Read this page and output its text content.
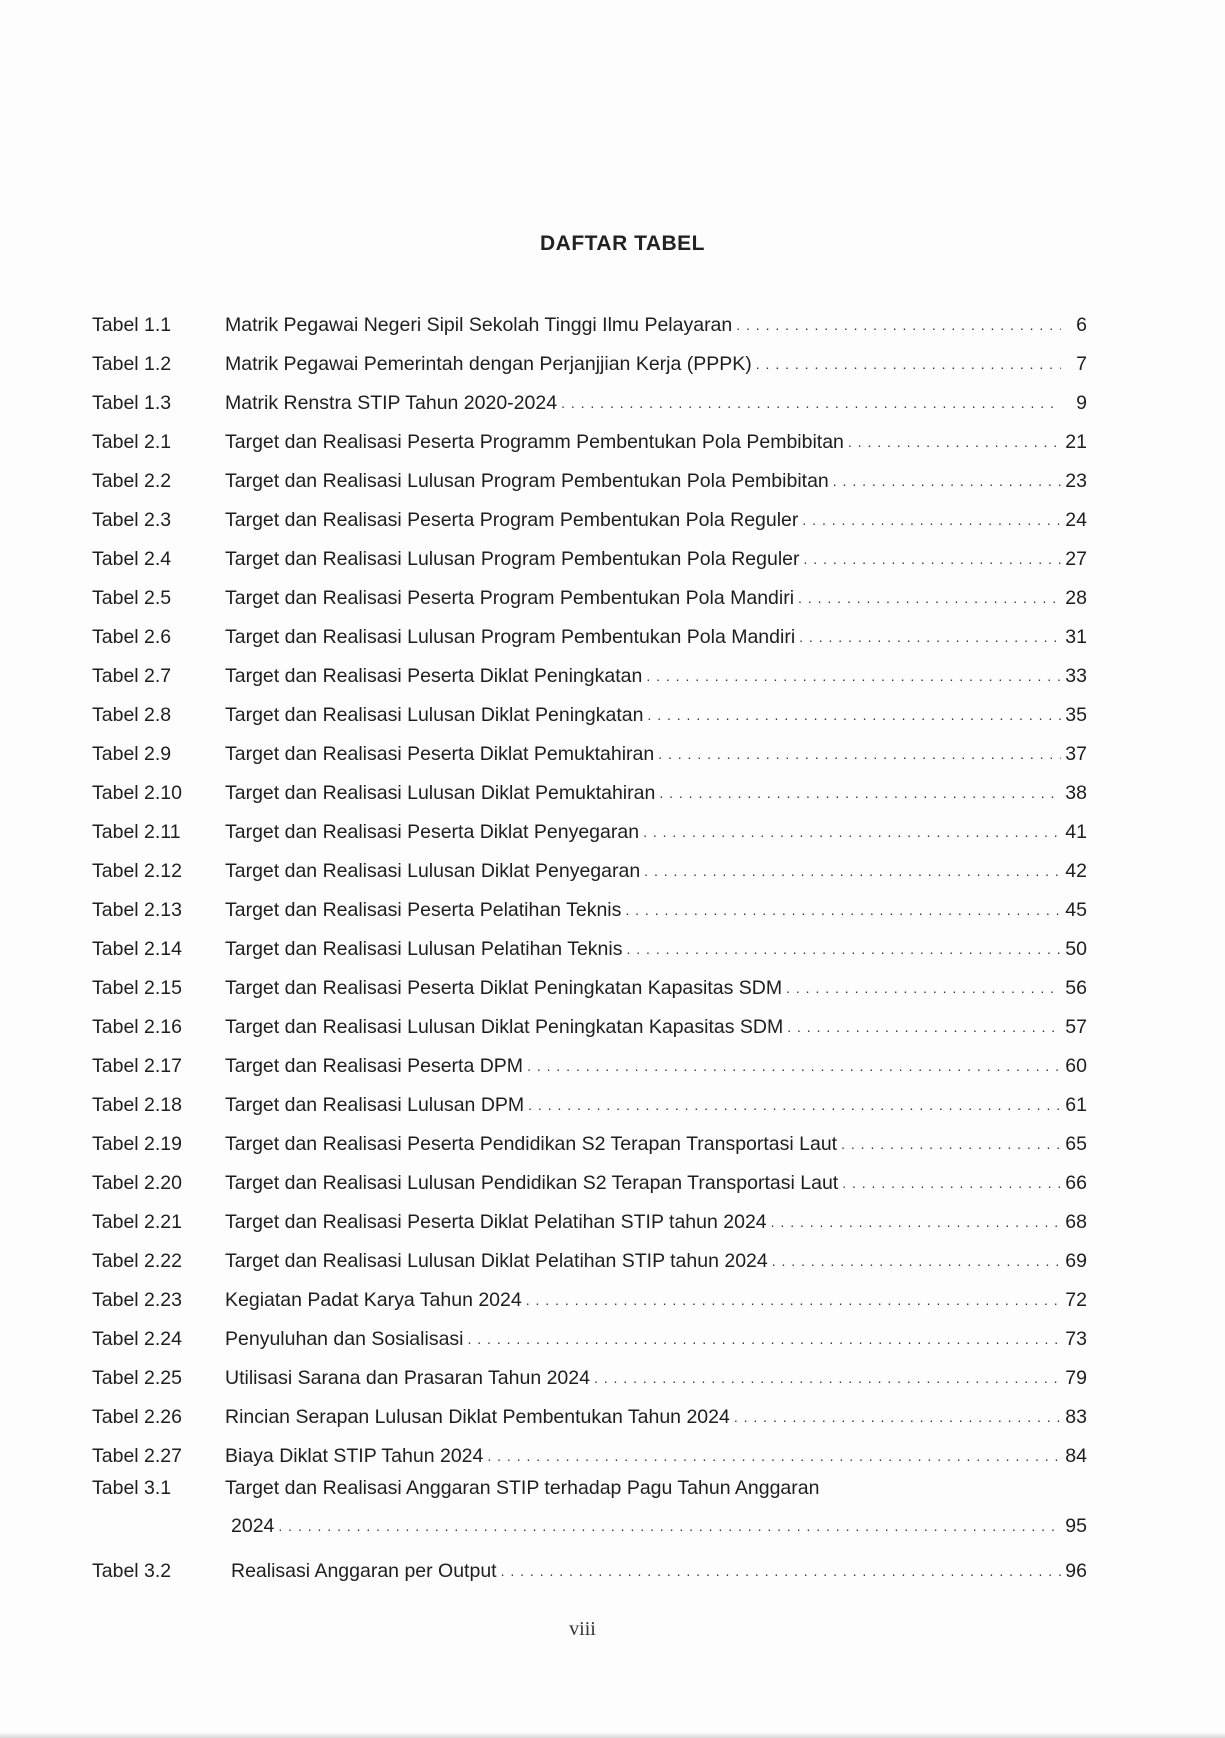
DAFTAR TABEL
Tabel 1.1	Matrik Pegawai Negeri Sipil Sekolah Tinggi Ilmu Pelayaran . . .	6
Tabel 1.2	Matrik Pegawai Pemerintah dengan Perjanjjian Kerja (PPPK) . . .	7
Tabel 1.3	Matrik Renstra STIP Tahun 2020-2024 . . .	9
Tabel 2.1	Target dan Realisasi Peserta Programm Pembentukan Pola Pembibitan . . .	21
Tabel 2.2	Target dan Realisasi Lulusan Program Pembentukan Pola Pembibitan . . .	23
Tabel 2.3	Target dan Realisasi Peserta Program Pembentukan Pola Reguler . . .	24
Tabel 2.4	Target dan Realisasi Lulusan Program Pembentukan Pola Reguler . . .	27
Tabel 2.5	Target dan Realisasi Peserta Program Pembentukan Pola Mandiri . . .	28
Tabel 2.6	Target dan Realisasi Lulusan Program Pembentukan Pola Mandiri . . .	31
Tabel 2.7	Target dan Realisasi Peserta Diklat Peningkatan . . .	33
Tabel 2.8	Target dan Realisasi Lulusan Diklat Peningkatan . . .	35
Tabel 2.9	Target dan Realisasi Peserta Diklat Pemuktahiran . . .	37
Tabel 2.10	Target dan Realisasi Lulusan Diklat Pemuktahiran . . .	38
Tabel 2.11	Target dan Realisasi Peserta Diklat Penyegaran . . .	41
Tabel 2.12	Target dan Realisasi Lulusan Diklat Penyegaran . . .	42
Tabel 2.13	Target dan Realisasi Peserta Pelatihan Teknis . . .	45
Tabel 2.14	Target dan Realisasi Lulusan Pelatihan Teknis . . .	50
Tabel 2.15	Target dan Realisasi Peserta Diklat Peningkatan Kapasitas SDM . . .	56
Tabel 2.16	Target dan Realisasi Lulusan Diklat Peningkatan Kapasitas SDM . . .	57
Tabel 2.17	Target dan Realisasi Peserta DPM . . .	60
Tabel 2.18	Target dan Realisasi Lulusan DPM . . .	61
Tabel 2.19	Target dan Realisasi Peserta Pendidikan S2 Terapan Transportasi Laut . . .	65
Tabel 2.20	Target dan Realisasi Lulusan Pendidikan S2 Terapan Transportasi Laut . . .	66
Tabel 2.21	Target dan Realisasi Peserta Diklat Pelatihan STIP tahun 2024 . . .	68
Tabel 2.22	Target dan Realisasi Lulusan Diklat Pelatihan STIP tahun 2024 . . .	69
Tabel 2.23	Kegiatan Padat Karya Tahun 2024 . . .	72
Tabel 2.24	Penyuluhan dan Sosialisasi . . .	73
Tabel 2.25	Utilisasi Sarana dan Prasaran Tahun 2024 . . .	79
Tabel 2.26	Rincian Serapan Lulusan Diklat Pembentukan Tahun 2024 . . .	83
Tabel 2.27	Biaya Diklat STIP Tahun 2024 . . .	84
Tabel 3.1	Target dan Realisasi Anggaran STIP terhadap Pagu Tahun Anggaran
2024 . . .	95
Tabel 3.2	Realisasi Anggaran per Output . . .	96
viii
